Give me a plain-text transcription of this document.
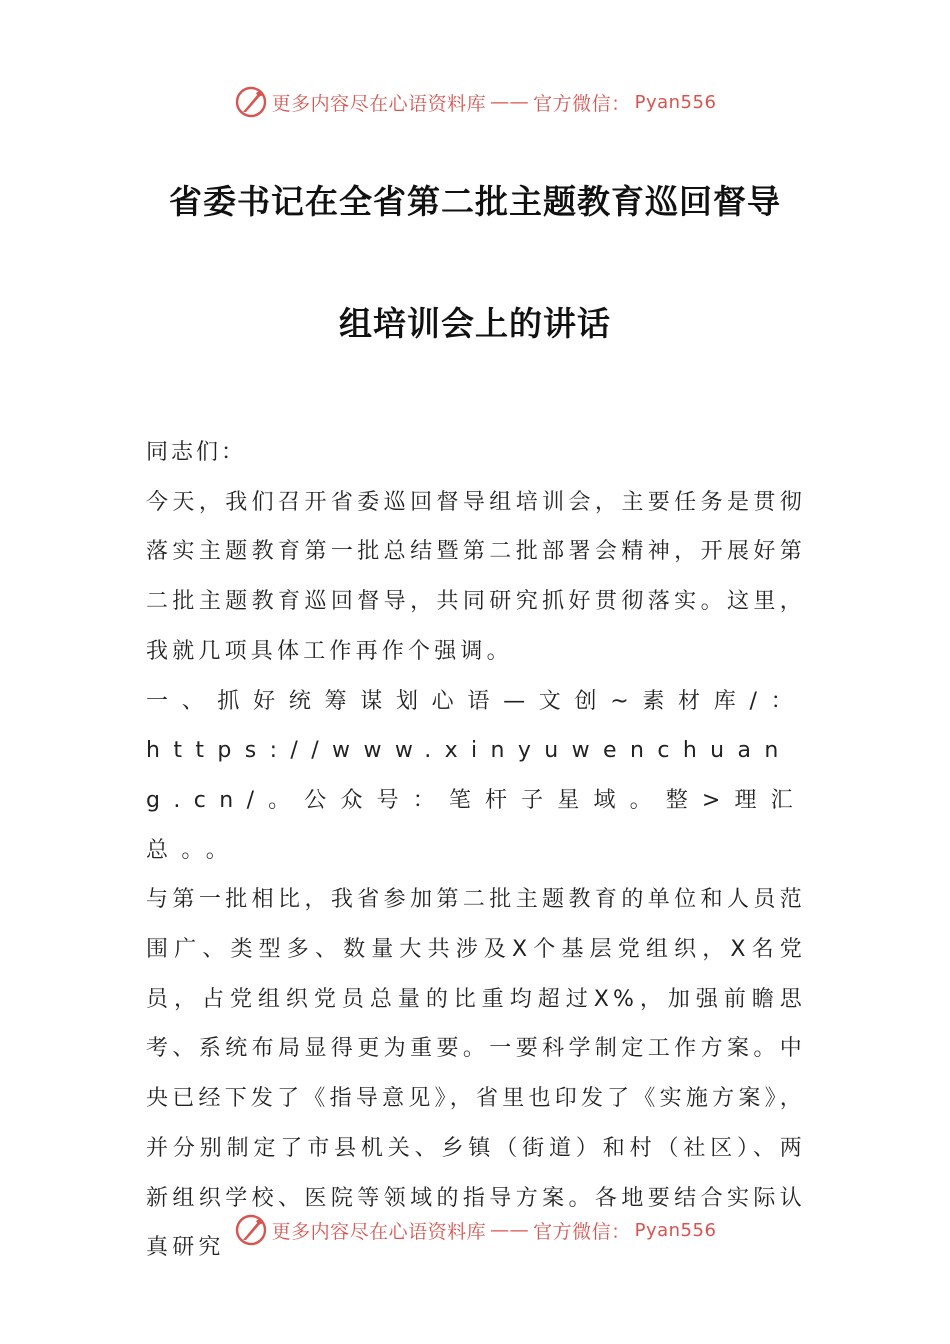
更多内容尽在心语资料库 —— 官方微信： Pyan556
省委书记在全省第二批主题教育巡回督导
组培训会上的讲话

同志们：

今天，我们召开省委巡回督导组培训会，主要任务是贯彻落实主题教育第一批总结暨第二批部署会精神，开展好第二批主题教育巡回督导，共同研究抓好贯彻落实。这里，我就几项具体工作再作个强调。

一、抓好统筹谋划心语—文创~素材库/：https://www.xinyuwenchuang.cn/。公众号：笔杆子星域。整>理汇总。。

与第一批相比，我省参加第二批主题教育的单位和人员范围广、类型多、数量大共涉及X个基层党组织，X名党员，占党组织党员总量的比重均超过X%，加强前瞻思考、系统布局显得更为重要。一要科学制定工作方案。中央已经下发了《指导意见》，省里也印发了《实施方案》，并分别制定了市县机关、乡镇（街道）和村（社区）、两新组织学校、医院等领域的指导方案。各地要结合实际认真研究

更多内容尽在心语资料库 —— 官方微信： Pyan556
